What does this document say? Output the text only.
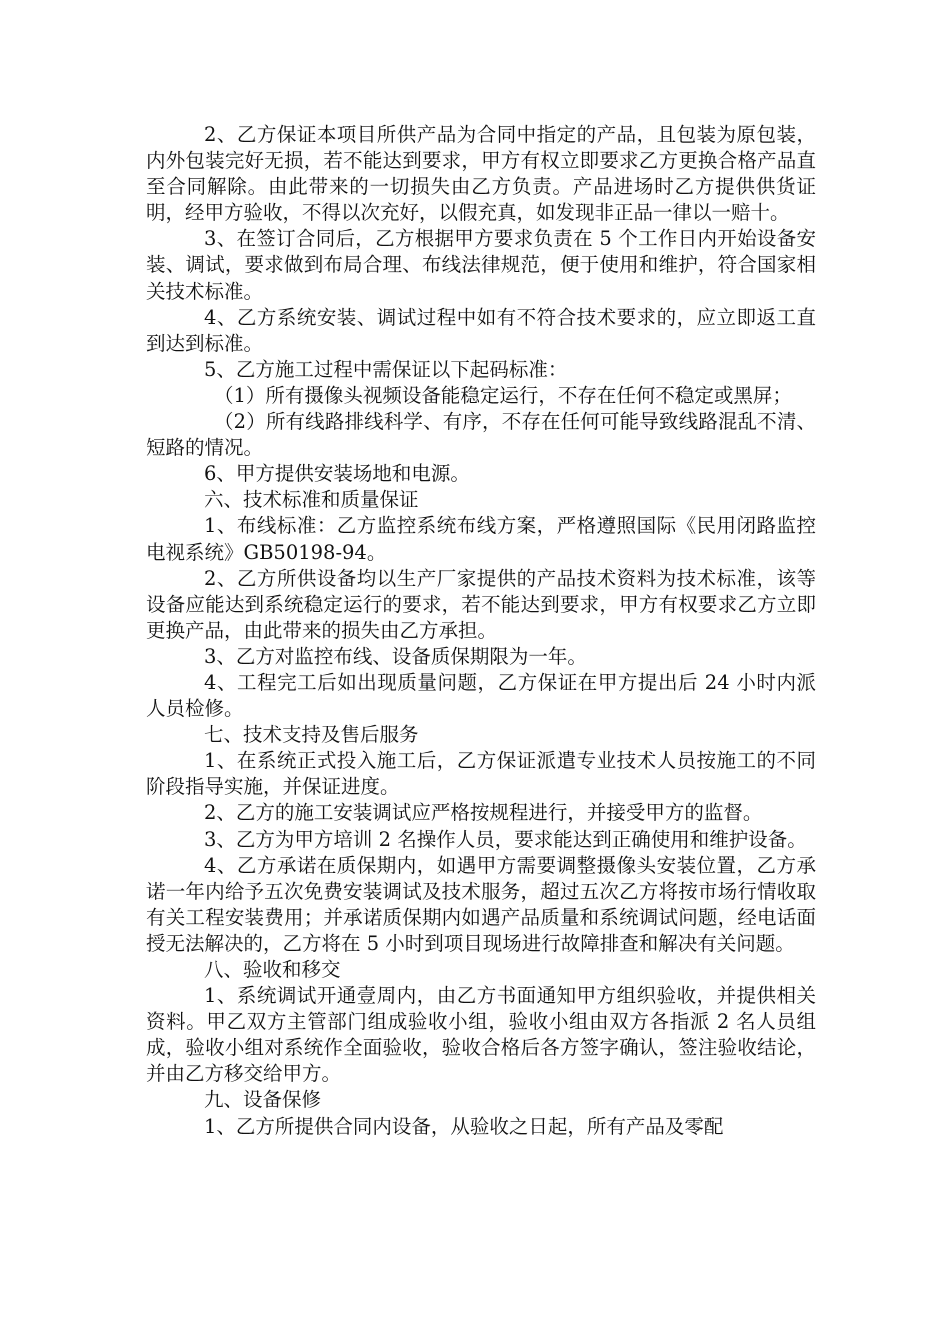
2、乙方保证本项目所供产品为合同中指定的产品，且包装为原包装，内外包装完好无损，若不能达到要求，甲方有权立即要求乙方更换合格产品直至合同解除。由此带来的一切损失由乙方负责。产品进场时乙方提供供货证明，经甲方验收，不得以次充好，以假充真，如发现非正品一律以一赔十。

3、在签订合同后，乙方根据甲方要求负责在 5 个工作日内开始设备安装、调试，要求做到布局合理、布线法律规范，便于使用和维护，符合国家相关技术标准。

4、乙方系统安装、调试过程中如有不符合技术要求的，应立即返工直到达到标准。

5、乙方施工过程中需保证以下起码标准：

（1）所有摄像头视频设备能稳定运行，不存在任何不稳定或黑屏；

（2）所有线路排线科学、有序，不存在任何可能导致线路混乱不清、短路的情况。

6、甲方提供安装场地和电源。

六、技术标准和质量保证

1、布线标准：乙方监控系统布线方案，严格遵照国际《民用闭路监控电视系统》GB50198-94。

2、乙方所供设备均以生产厂家提供的产品技术资料为技术标准，该等设备应能达到系统稳定运行的要求，若不能达到要求，甲方有权要求乙方立即更换产品，由此带来的损失由乙方承担。

3、乙方对监控布线、设备质保期限为一年。

4、工程完工后如出现质量问题，乙方保证在甲方提出后 24 小时内派人员检修。

七、技术支持及售后服务

1、在系统正式投入施工后，乙方保证派遣专业技术人员按施工的不同阶段指导实施，并保证进度。

2、乙方的施工安装调试应严格按规程进行，并接受甲方的监督。

3、乙方为甲方培训 2 名操作人员，要求能达到正确使用和维护设备。

4、乙方承诺在质保期内，如遇甲方需要调整摄像头安装位置，乙方承诺一年内给予五次免费安装调试及技术服务，超过五次乙方将按市场行情收取有关工程安装费用；并承诺质保期内如遇产品质量和系统调试问题，经电话面授无法解决的，乙方将在 5 小时到项目现场进行故障排查和解决有关问题。

八、验收和移交

1、系统调试开通壹周内，由乙方书面通知甲方组织验收，并提供相关资料。甲乙双方主管部门组成验收小组，验收小组由双方各指派 2 名人员组成，验收小组对系统作全面验收，验收合格后各方签字确认，签注验收结论，并由乙方移交给甲方。

九、设备保修

1、乙方所提供合同内设备，从验收之日起，所有产品及零配
